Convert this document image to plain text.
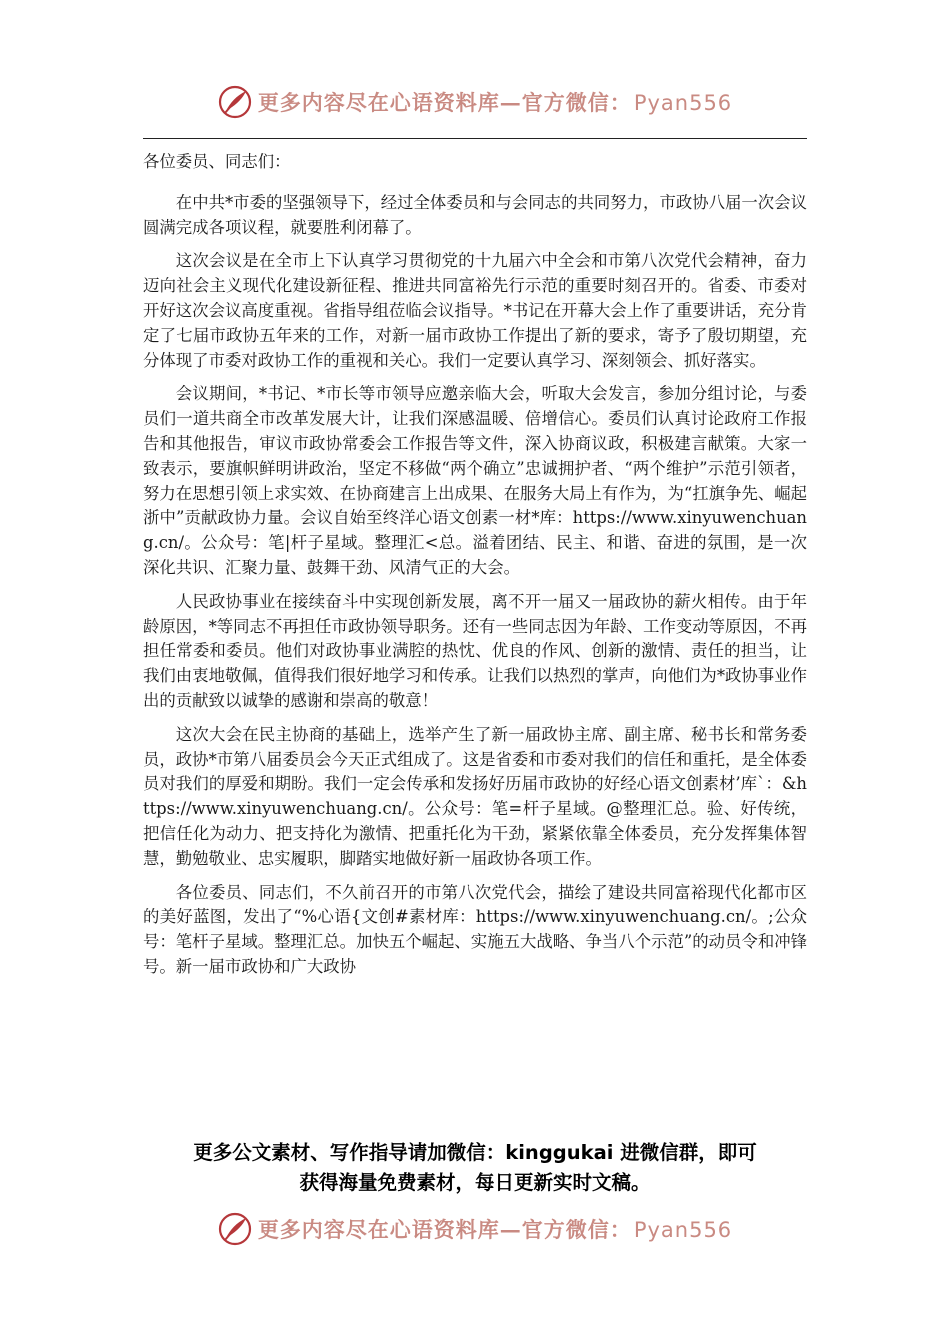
更多内容尽在心语资料库—官方微信：Pyan556

各位委员、同志们：

在中共*市委的坚强领导下，经过全体委员和与会同志的共同努力，市政协八届一次会议圆满完成各项议程，就要胜利闭幕了。

这次会议是在全市上下认真学习贯彻党的十九届六中全会和市第八次党代会精神，奋力迈向社会主义现代化建设新征程、推进共同富裕先行示范的重要时刻召开的。省委、市委对开好这次会议高度重视。省指导组莅临会议指导。*书记在开幕大会上作了重要讲话，充分肯定了七届市政协五年来的工作，对新一届市政协工作提出了新的要求，寄予了殷切期望，充分体现了市委对政协工作的重视和关心。我们一定要认真学习、深刻领会、抓好落实。

会议期间，*书记、*市长等市领导应邀亲临大会，听取大会发言，参加分组讨论，与委员们一道共商全市改革发展大计，让我们深感温暖、倍增信心。委员们认真讨论政府工作报告和其他报告，审议市政协常委会工作报告等文件，深入协商议政，积极建言献策。大家一致表示，要旗帜鲜明讲政治，坚定不移做“两个确立”忠诚拥护者、“两个维护”示范引领者，努力在思想引领上求实效、在协商建言上出成果、在服务大局上有作为，为“扛旗争先、崛起浙中”贡献政协力量。会议自始至终洋心语文创素一材*库：https://www.xinyuwenchuang.cn/。公众号：笔|杆子星域。整理汇<总。溢着团结、民主、和谐、奋进的氛围，是一次深化共识、汇聚力量、鼓舞干劲、风清气正的大会。

人民政协事业在接续奋斗中实现创新发展，离不开一届又一届政协的薪火相传。由于年龄原因，*等同志不再担任市政协领导职务。还有一些同志因为年龄、工作变动等原因，不再担任常委和委员。他们对政协事业满腔的热忱、优良的作风、创新的激情、责任的担当，让我们由衷地敬佩，值得我们很好地学习和传承。让我们以热烈的掌声，向他们为*政协事业作出的贡献致以诚挚的感谢和崇高的敬意！

这次大会在民主协商的基础上，选举产生了新一届政协主席、副主席、秘书长和常务委员，政协*市第八届委员会今天正式组成了。这是省委和市委对我们的信任和重托，是全体委员对我们的厚爱和期盼。我们一定会传承和发扬好历届市政协的好经心语文创素材’库`：&https://www.xinyuwenchuang.cn/。公众号：笔=杆子星域。@整理汇总。验、好传统，把信任化为动力、把支持化为激情、把重托化为干劲，紧紧依靠全体委员，充分发挥集体智慧，勤勉敬业、忠实履职，脚踏实地做好新一届政协各项工作。

各位委员、同志们，不久前召开的市第八次党代会，描绘了建设共同富裕现代化都市区的美好蓝图，发出了“%心语{文创#素材库：https://www.xinyuwenchuang.cn/。;公众号：笔杆子星域。整理汇总。加快五个崛起、实施五大战略、争当八个示范”的动员令和冲锋号。新一届市政协和广大政协

更多公文素材、写作指导请加微信：kinggukai 进微信群，即可
获得海量免费素材，每日更新实时文稿。
更多内容尽在心语资料库—官方微信：Pyan556
